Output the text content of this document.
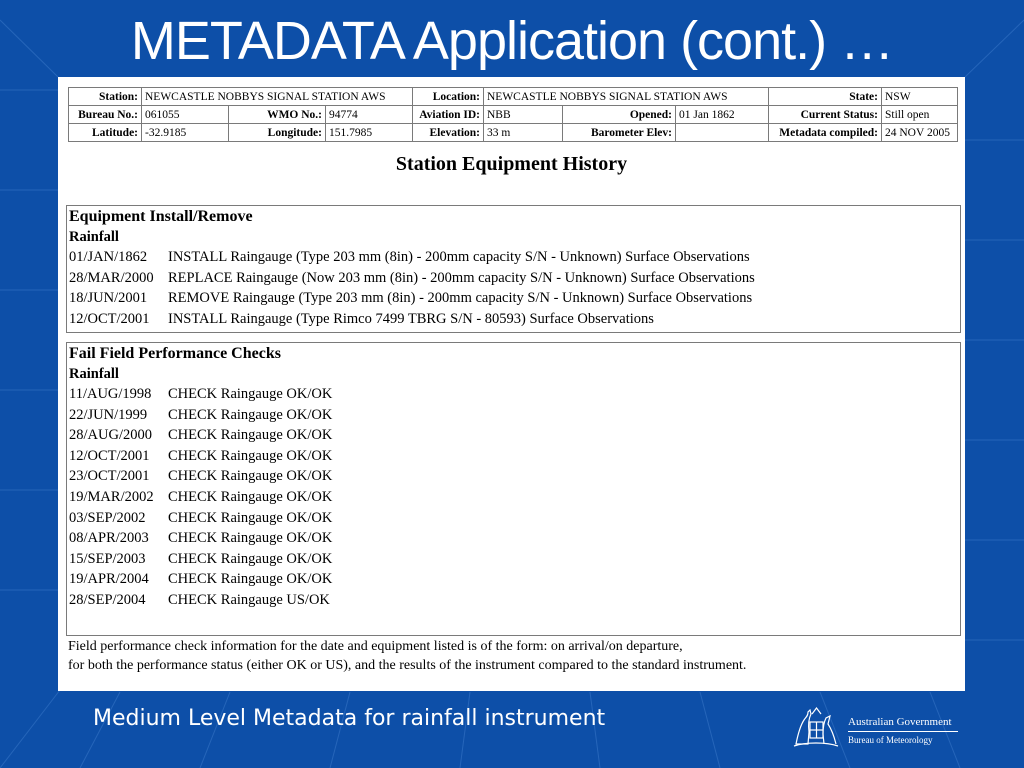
METADATA Application (cont.) …
Station:	NEWCASTLE NOBBYS SIGNAL STATION AWS			Location:	NEWCASTLE NOBBYS SIGNAL STATION AWS			State:	NSW
Bureau No.:	061055	WMO No.:	94774	Aviation ID:	NBB	Opened:	01 Jan 1862	Current Status:	Still open
Latitude:	-32.9185	Longitude:	151.7985	Elevation:	33 m	Barometer Elev:		Metadata compiled:	24 NOV 2005
Station Equipment History
Equipment Install/Remove
Rainfall
01/JAN/1862 INSTALL Raingauge (Type 203 mm (8in) - 200mm capacity S/N - Unknown) Surface Observations
28/MAR/2000 REPLACE Raingauge (Now 203 mm (8in) - 200mm capacity S/N - Unknown) Surface Observations
18/JUN/2001 REMOVE Raingauge (Type 203 mm (8in) - 200mm capacity S/N - Unknown) Surface Observations
12/OCT/2001 INSTALL Raingauge (Type Rimco 7499 TBRG S/N - 80593) Surface Observations
Fail Field Performance Checks
Rainfall
11/AUG/1998 CHECK Raingauge OK/OK
22/JUN/1999 CHECK Raingauge OK/OK
28/AUG/2000 CHECK Raingauge OK/OK
12/OCT/2001 CHECK Raingauge OK/OK
23/OCT/2001 CHECK Raingauge OK/OK
19/MAR/2002 CHECK Raingauge OK/OK
03/SEP/2002 CHECK Raingauge OK/OK
08/APR/2003 CHECK Raingauge OK/OK
15/SEP/2003 CHECK Raingauge OK/OK
19/APR/2004 CHECK Raingauge OK/OK
28/SEP/2004 CHECK Raingauge US/OK
Field performance check information for the date and equipment listed is of the form: on arrival/on departure,
for both the performance status (either OK or US), and the results of the instrument compared to the standard instrument.
Medium Level Metadata for rainfall instrument	Australian Government
Bureau of Meteorology
